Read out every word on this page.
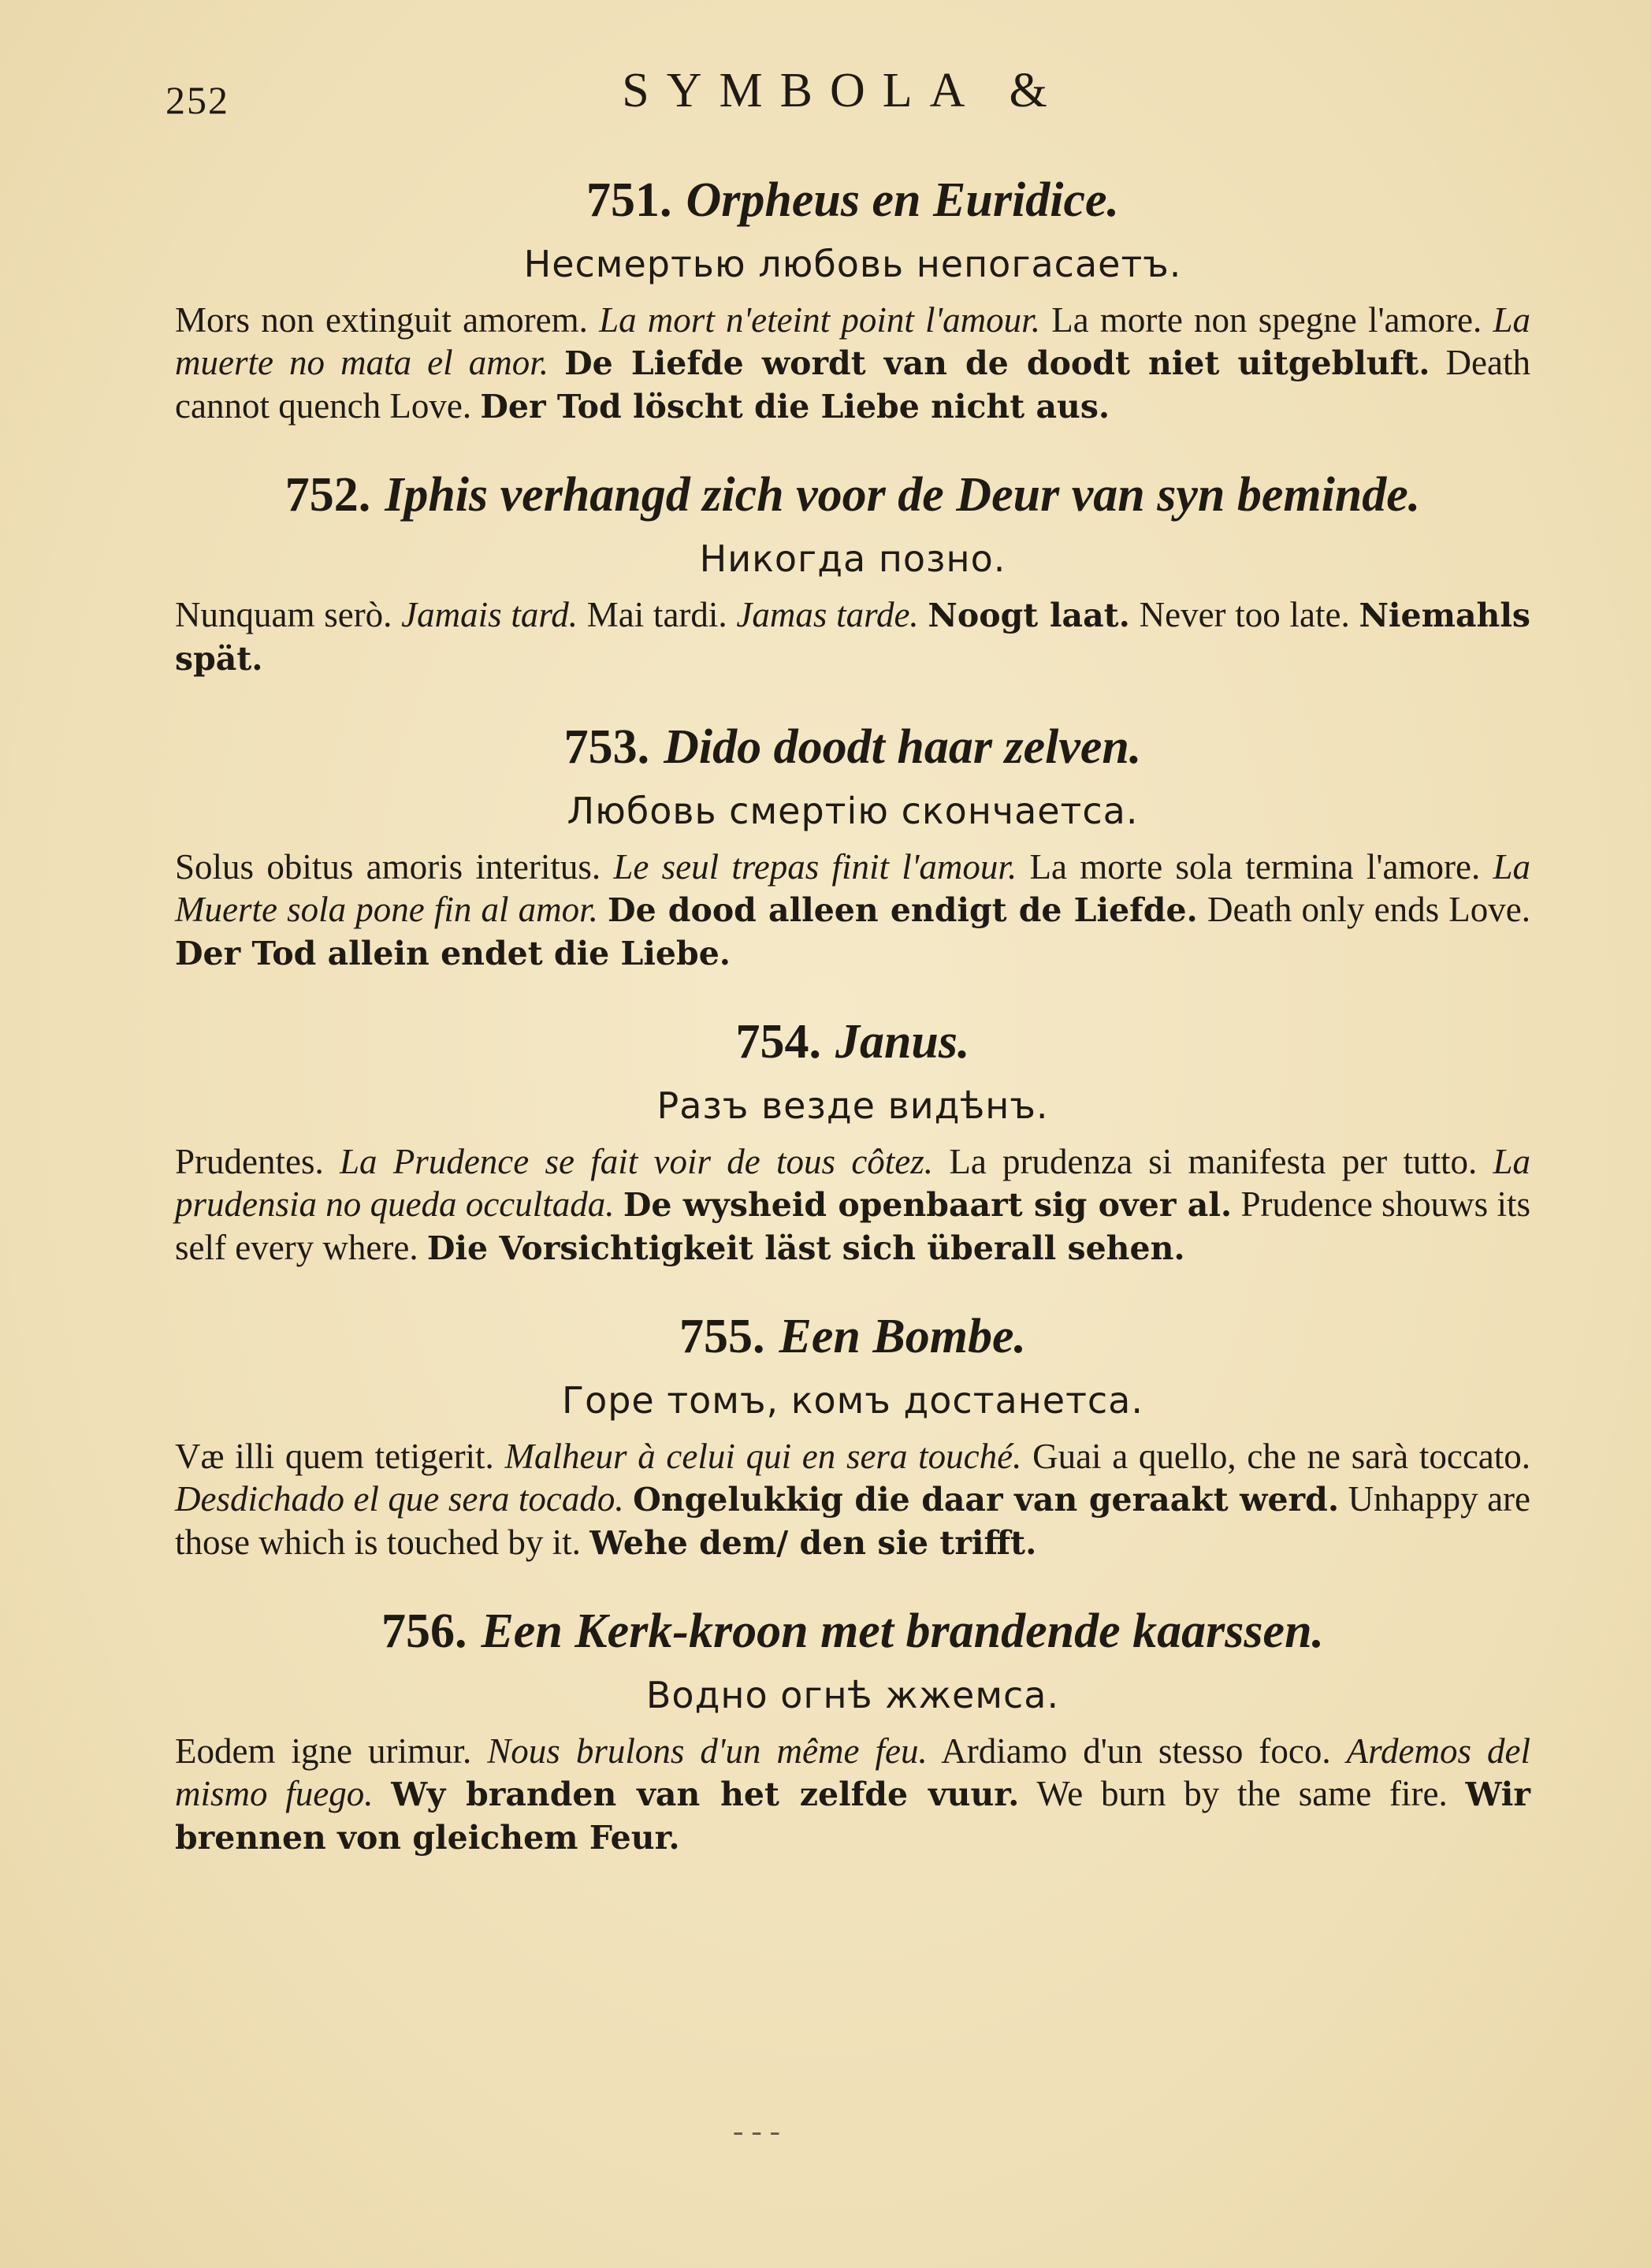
252	SYMBOLA &
751. Orpheus en Euridice.
Несмертью любовь непогасаетъ.
Mors non extinguit amorem. La mort n'eteint point l'amour. La morte non spegne l'amore. La muerte no mata el amor. De Liefde wordt van de doodt niet uitgebluft. Death cannot quench Love. Der Tod löscht die Liebe nicht aus.
752. Iphis verhangd zich voor de Deur van syn beminde.
Никогда позно.
Nunquam serò. Jamais tard. Mai tardi. Jamas tarde. Noogt laat. Never too late. Niemahls spät.
753. Dido doodt haar zelven.
Любовь смертію скончаетса.
Solus obitus amoris interitus. Le seul trepas finit l'amour. La morte sola termina l'amore. La Muerte sola pone fin al amor. De dood alleen endigt de Liefde. Death only ends Love. Der Tod allein endet die Liebe.
754. Janus.
Разъ везде видѣнъ.
Prudentes. La Prudence se fait voir de tous côtez. La prudenza si manifesta per tutto. La prudensia no queda occultada. De wysheid openbaart sig over al. Prudence shouws its self every where. Die Vorsichtigkeit läst sich überall sehen.
755. Een Bombe.
Горе томъ, комъ достанетса.
Væ illi quem tetigerit. Malheur à celui qui en sera touché. Guai a quello, che ne sarà toccato. Desdichado el que sera tocado. Ongelukkig die daar van geraakt werd. Unhappy are those which is touched by it. Wehe dem/ den sie trifft.
756. Een Kerk-kroon met brandende kaarssen.
Водно огнѣ жжемса.
Eodem igne urimur. Nous brulons d'un même feu. Ardiamo d'un stesso foco. Ardemos del mismo fuego. Wy branden van het zelfde vuur. We burn by the same fire. Wir brennen von gleichem Feur.
- - -
